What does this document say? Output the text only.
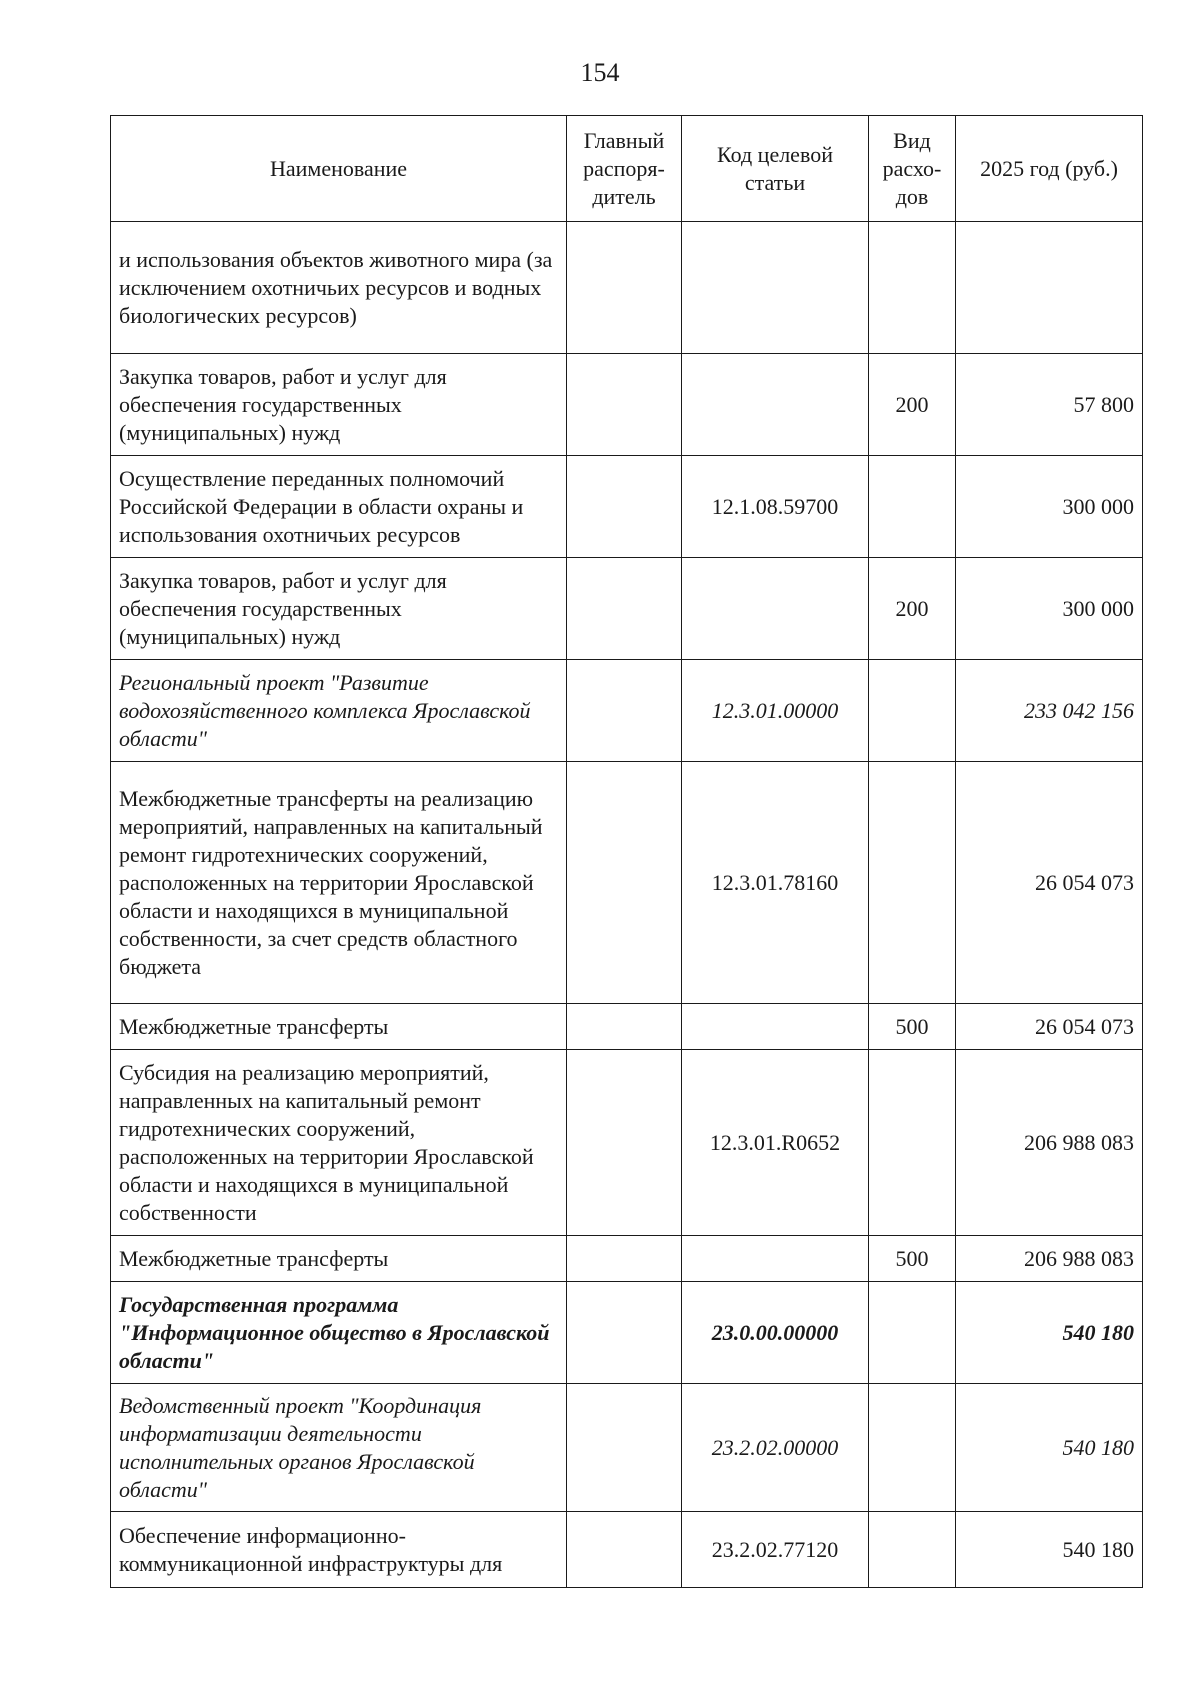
154
Наименование	Главный распоря-дитель	Код целевой статьи	Вид расхо-дов	2025 год (руб.)
и использования объектов животного мира (за исключением охотничьих ресурсов и водных биологических ресурсов)				
Закупка товаров, работ и услуг для обеспечения государственных (муниципальных) нужд			200	57 800
Осуществление переданных полномочий Российской Федерации в области охраны и использования охотничьих ресурсов		12.1.08.59700		300 000
Закупка товаров, работ и услуг для обеспечения государственных (муниципальных) нужд			200	300 000
Региональный проект "Развитие водохозяйственного комплекса Ярославской области"		12.3.01.00000		233 042 156
Межбюджетные трансферты на реализацию мероприятий, направленных на капитальный ремонт гидротехнических сооружений, расположенных на территории Ярославской области и находящихся в муниципальной собственности, за счет средств областного бюджета		12.3.01.78160		26 054 073
Межбюджетные трансферты			500	26 054 073
Субсидия на реализацию мероприятий, направленных на капитальный ремонт гидротехнических сооружений, расположенных на территории Ярославской области и находящихся в муниципальной собственности		12.3.01.R0652		206 988 083
Межбюджетные трансферты			500	206 988 083
Государственная программа "Информационное общество в Ярославской области"		23.0.00.00000		540 180
Ведомственный проект "Координация информатизации деятельности исполнительных органов Ярославской области"		23.2.02.00000		540 180
Обеспечение информационно-коммуникационной инфраструктуры для		23.2.02.77120		540 180
